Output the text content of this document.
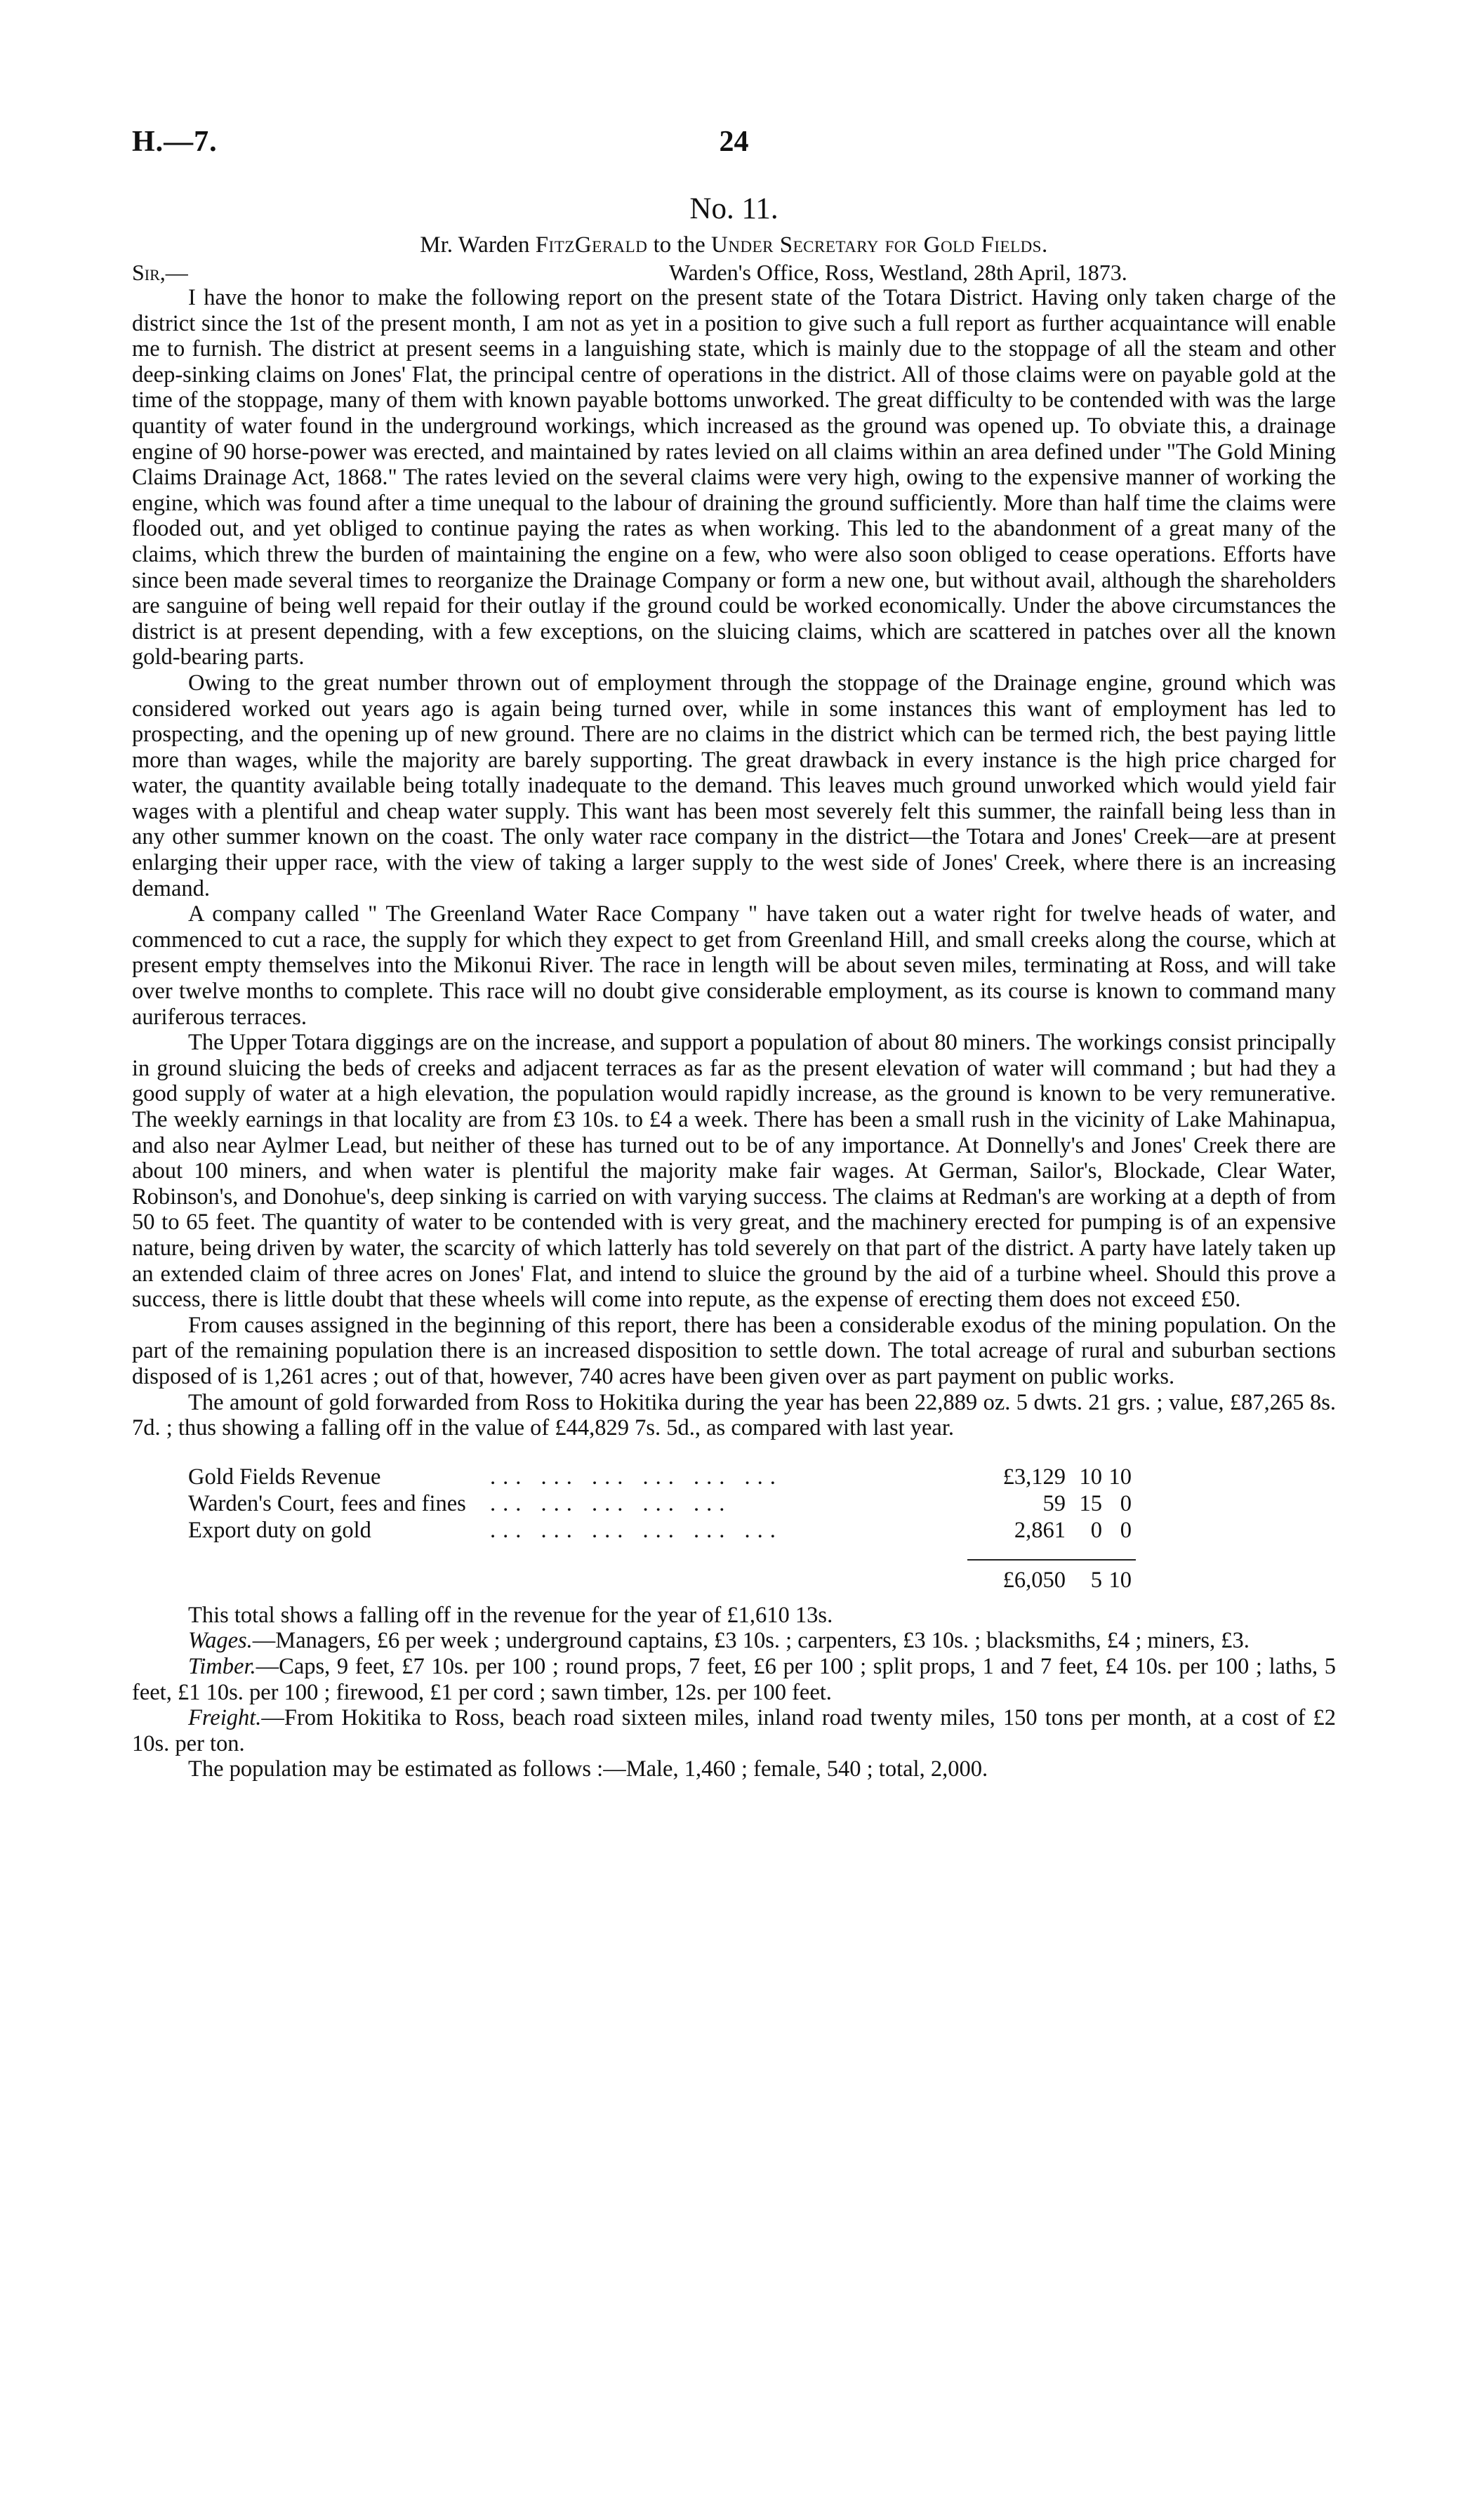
H.—7.	24
No. 11.
Mr. Warden FitzGerald to the Under Secretary for Gold Fields.
Sir,—	Warden's Office, Ross, Westland, 28th April, 1873.

I have the honor to make the following report on the present state of the Totara District. Having only taken charge of the district since the 1st of the present month, I am not as yet in a position to give such a full report as further acquaintance will enable me to furnish. The district at present seems in a languishing state, which is mainly due to the stoppage of all the steam and other deep-sinking claims on Jones' Flat, the principal centre of operations in the district. All of those claims were on payable gold at the time of the stoppage, many of them with known payable bottoms unworked. The great difficulty to be contended with was the large quantity of water found in the underground workings, which increased as the ground was opened up. To obviate this, a drainage engine of 90 horse-power was erected, and maintained by rates levied on all claims within an area defined under "The Gold Mining Claims Drainage Act, 1868." The rates levied on the several claims were very high, owing to the expensive manner of working the engine, which was found after a time unequal to the labour of draining the ground sufficiently. More than half time the claims were flooded out, and yet obliged to continue paying the rates as when working. This led to the abandonment of a great many of the claims, which threw the burden of maintaining the engine on a few, who were also soon obliged to cease operations. Efforts have since been made several times to reorganize the Drainage Company or form a new one, but without avail, although the shareholders are sanguine of being well repaid for their outlay if the ground could be worked economically. Under the above circumstances the district is at present depending, with a few exceptions, on the sluicing claims, which are scattered in patches over all the known gold-bearing parts.

Owing to the great number thrown out of employment through the stoppage of the Drainage engine, ground which was considered worked out years ago is again being turned over, while in some instances this want of employment has led to prospecting, and the opening up of new ground. There are no claims in the district which can be termed rich, the best paying little more than wages, while the majority are barely supporting. The great drawback in every instance is the high price charged for water, the quantity available being totally inadequate to the demand. This leaves much ground unworked which would yield fair wages with a plentiful and cheap water supply. This want has been most severely felt this summer, the rainfall being less than in any other summer known on the coast. The only water race company in the district—the Totara and Jones' Creek—are at present enlarging their upper race, with the view of taking a larger supply to the west side of Jones' Creek, where there is an increasing demand.

A company called " The Greenland Water Race Company " have taken out a water right for twelve heads of water, and commenced to cut a race, the supply for which they expect to get from Greenland Hill, and small creeks along the course, which at present empty themselves into the Mikonui River. The race in length will be about seven miles, terminating at Ross, and will take over twelve months to complete. This race will no doubt give considerable employment, as its course is known to command many auriferous terraces.

The Upper Totara diggings are on the increase, and support a population of about 80 miners. The workings consist principally in ground sluicing the beds of creeks and adjacent terraces as far as the present elevation of water will command ; but had they a good supply of water at a high elevation, the population would rapidly increase, as the ground is known to be very remunerative. The weekly earnings in that locality are from £3 10s. to £4 a week. There has been a small rush in the vicinity of Lake Mahinapua, and also near Aylmer Lead, but neither of these has turned out to be of any importance. At Donnelly's and Jones' Creek there are about 100 miners, and when water is plentiful the majority make fair wages. At German, Sailor's, Blockade, Clear Water, Robinson's, and Donohue's, deep sinking is carried on with varying success. The claims at Redman's are working at a depth of from 50 to 65 feet. The quantity of water to be contended with is very great, and the machinery erected for pumping is of an expensive nature, being driven by water, the scarcity of which latterly has told severely on that part of the district. A party have lately taken up an extended claim of three acres on Jones' Flat, and intend to sluice the ground by the aid of a turbine wheel. Should this prove a success, there is little doubt that these wheels will come into repute, as the expense of erecting them does not exceed £50.

From causes assigned in the beginning of this report, there has been a considerable exodus of the mining population. On the part of the remaining population there is an increased disposition to settle down. The total acreage of rural and suburban sections disposed of is 1,261 acres ; out of that, however, 740 acres have been given over as part payment on public works.

The amount of gold forwarded from Ross to Hokitika during the year has been 22,889 oz. 5 dwts. 21 grs. ; value, £87,265 8s. 7d. ; thus showing a falling off in the value of £44,829 7s. 5d., as compared with last year.

Gold Fields Revenue	... ... ... ... ... ...	£3,129 10 10
Warden's Court, fees and fines	... ... ... ... ...	59 15 0
Export duty on gold	... ... ... ... ... ...	2,861 0 0

		£6,050 5 10

This total shows a falling off in the revenue for the year of £1,610 13s.

Wages.—Managers, £6 per week ; underground captains, £3 10s. ; carpenters, £3 10s. ; blacksmiths, £4 ; miners, £3.

Timber.—Caps, 9 feet, £7 10s. per 100 ; round props, 7 feet, £6 per 100 ; split props, 1 and 7 feet, £4 10s. per 100 ; laths, 5 feet, £1 10s. per 100 ; firewood, £1 per cord ; sawn timber, 12s. per 100 feet.

Freight.—From Hokitika to Ross, beach road sixteen miles, inland road twenty miles, 150 tons per month, at a cost of £2 10s. per ton.

The population may be estimated as follows :—Male, 1,460 ; female, 540 ; total, 2,000.
